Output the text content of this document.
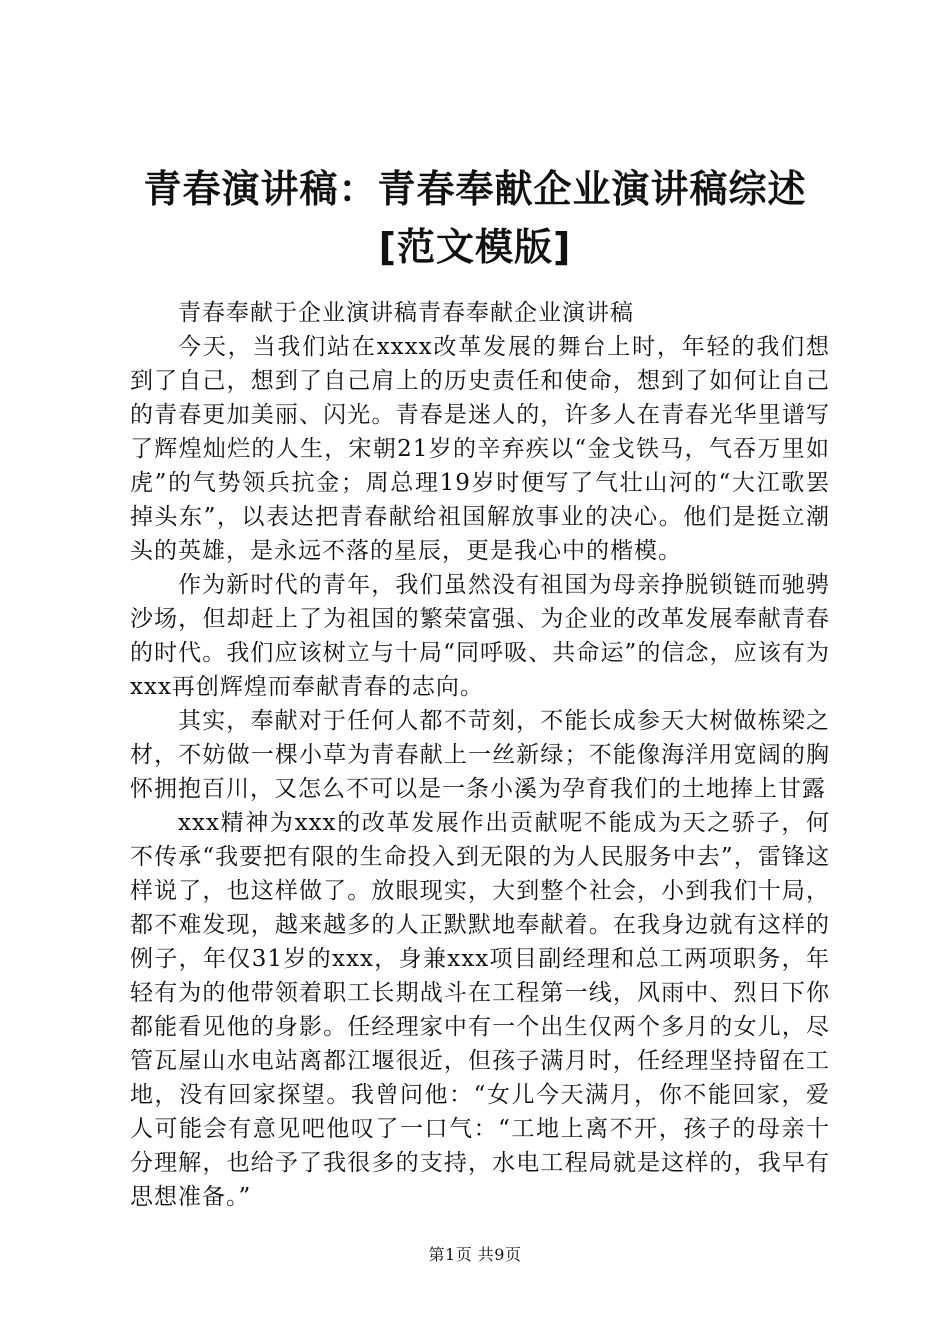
青春演讲稿：青春奉献企业演讲稿综述[范文模版]

青春奉献于企业演讲稿青春奉献企业演讲稿

今天，当我们站在xxxx改革发展的舞台上时，年轻的我们想到了自己，想到了自己肩上的历史责任和使命，想到了如何让自己的青春更加美丽、闪光。青春是迷人的，许多人在青春光华里谱写了辉煌灿烂的人生，宋朝21岁的辛弃疾以“金戈铁马，气吞万里如虎”的气势领兵抗金；周总理19岁时便写了气壮山河的“大江歌罢掉头东”，以表达把青春献给祖国解放事业的决心。他们是挺立潮头的英雄，是永远不落的星辰，更是我心中的楷模。

作为新时代的青年，我们虽然没有祖国为母亲挣脱锁链而驰骋沙场，但却赶上了为祖国的繁荣富强、为企业的改革发展奉献青春的时代。我们应该树立与十局“同呼吸、共命运”的信念，应该有为xxx再创辉煌而奉献青春的志向。

其实，奉献对于任何人都不苛刻，不能长成参天大树做栋梁之材，不妨做一棵小草为青春献上一丝新绿；不能像海洋用宽阔的胸怀拥抱百川，又怎么不可以是一条小溪为孕育我们的土地捧上甘露

xxx精神为xxx的改革发展作出贡献呢不能成为天之骄子，何不传承“我要把有限的生命投入到无限的为人民服务中去”，雷锋这样说了，也这样做了。放眼现实，大到整个社会，小到我们十局，都不难发现，越来越多的人正默默地奉献着。在我身边就有这样的例子，年仅31岁的xxx，身兼xxx项目副经理和总工两项职务，年轻有为的他带领着职工长期战斗在工程第一线，风雨中、烈日下你都能看见他的身影。任经理家中有一个出生仅两个多月的女儿，尽管瓦屋山水电站离都江堰很近，但孩子满月时，任经理坚持留在工地，没有回家探望。我曾问他：“女儿今天满月，你不能回家，爱人可能会有意见吧他叹了一口气：“工地上离不开，孩子的母亲十分理解，也给予了我很多的支持，水电工程局就是这样的，我早有思想准备。”

第1页 共9页
